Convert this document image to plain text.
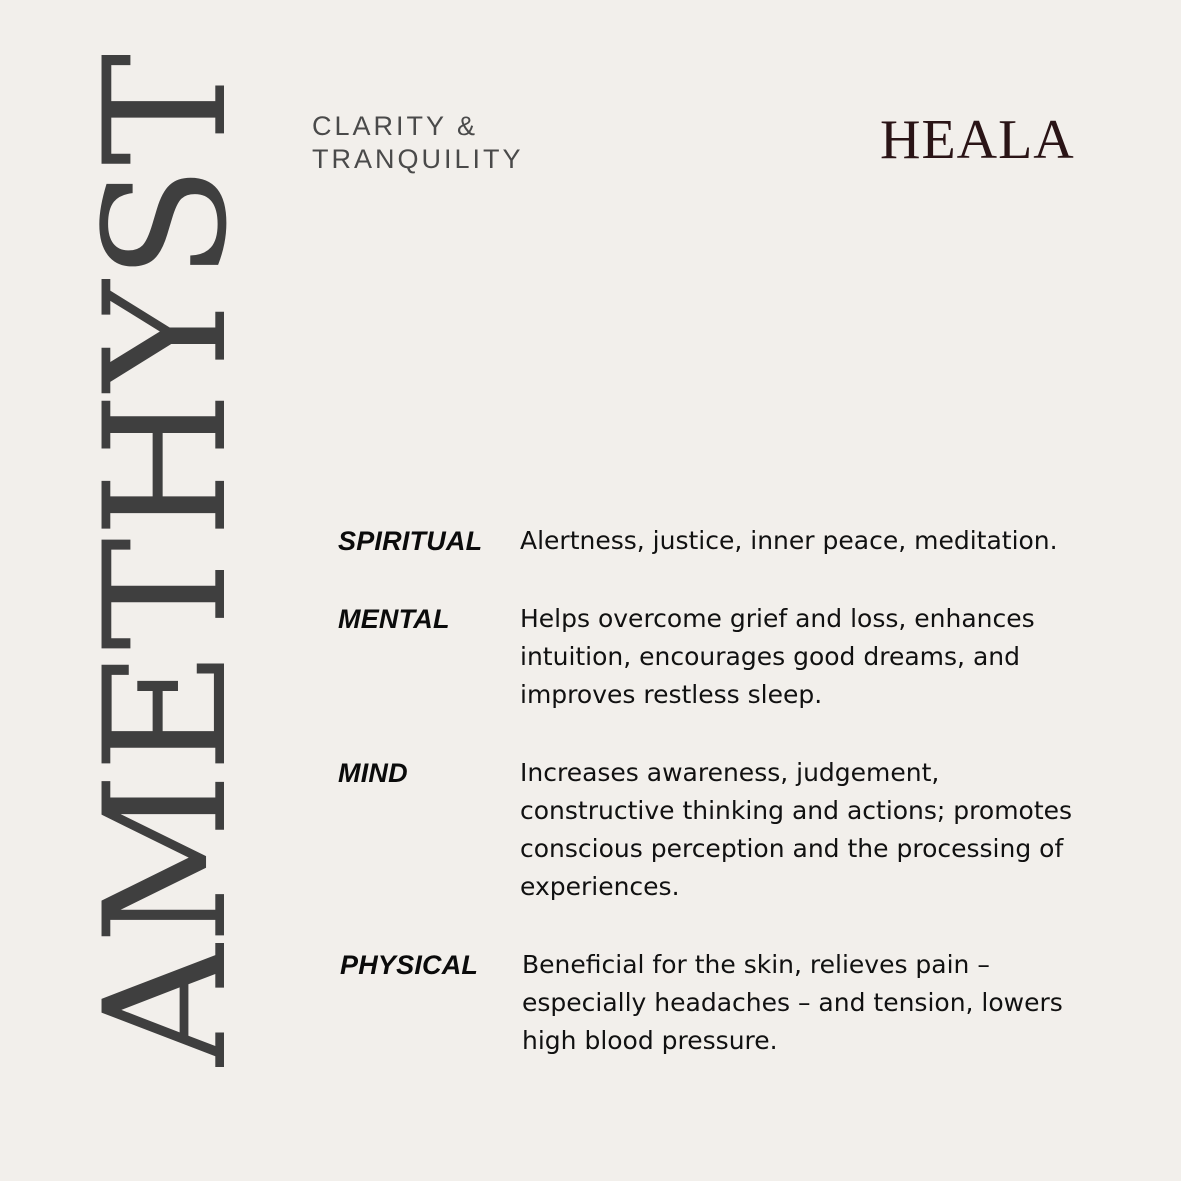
A
M
E
T
H
Y
S
T CLARITY &
TRANQUILITY	HEALA
SPIRITUAL	Alertness, justice, inner peace, meditation.
MENTAL	Helps overcome grief and loss, enhances intuition, encourages good dreams, and improves restless sleep.
MIND	Increases awareness, judgement, constructive thinking and actions; promotes conscious perception and the processing of experiences.
PHYSICAL	Beneficial for the skin, relieves pain – especially headaches – and tension, lowers high blood pressure.
